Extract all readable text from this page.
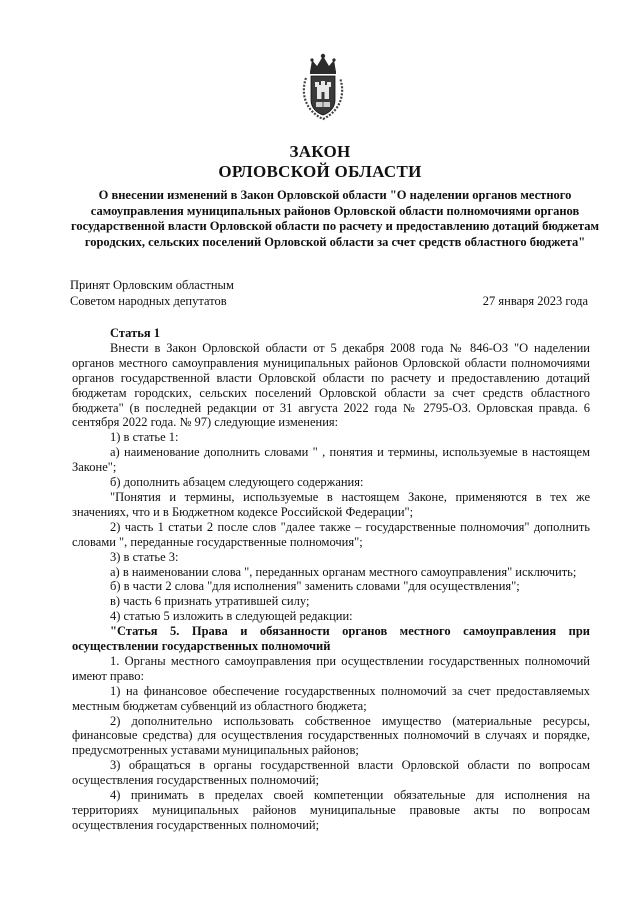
ЗАКОН
ОРЛОВСКОЙ ОБЛАСТИ
О внесении изменений в Закон Орловской области "О наделении органов местного самоуправления муниципальных районов Орловской области полномочиями органов государственной власти Орловской области по расчету и предоставлению дотаций бюджетам городских, сельских поселений Орловской области за счет средств областного бюджета"
Принят Орловским областным
Советом народных депутатов	27 января 2023 года

Статья 1

Внести в Закон Орловской области от 5 декабря 2008 года № 846-ОЗ "О наделении органов местного самоуправления муниципальных районов Орловской области полномочиями органов государственной власти Орловской области по расчету и предоставлению дотаций бюджетам городских, сельских поселений Орловской области за счет средств областного бюджета" (в последней редакции от 31 августа 2022 года № 2795-ОЗ. Орловская правда. 6 сентября 2022 года. № 97) следующие изменения:

1) в статье 1:

а) наименование дополнить словами " , понятия и термины, используемые в настоящем Законе";

б) дополнить абзацем следующего содержания:

"Понятия и термины, используемые в настоящем Законе, применяются в тех же значениях, что и в Бюджетном кодексе Российской Федерации";

2) часть 1 статьи 2 после слов "далее также – государственные полномочия" дополнить словами ", переданные государственные полномочия";

3) в статье 3:

а) в наименовании слова ", переданных органам местного самоуправления" исключить;

б) в части 2 слова "для исполнения" заменить словами "для осуществления";

в) часть 6 признать утратившей силу;

4) статью 5 изложить в следующей редакции:

"Статья 5. Права и обязанности органов местного самоуправления при осуществлении государственных полномочий

1. Органы местного самоуправления при осуществлении государственных полномочий имеют право:

1) на финансовое обеспечение государственных полномочий за счет предоставляемых местным бюджетам субвенций из областного бюджета;

2) дополнительно использовать собственное имущество (материальные ресурсы, финансовые средства) для осуществления государственных полномочий в случаях и порядке, предусмотренных уставами муниципальных районов;

3) обращаться в органы государственной власти Орловской области по вопросам осуществления государственных полномочий;

4) принимать в пределах своей компетенции обязательные для исполнения на территориях муниципальных районов муниципальные правовые акты по вопросам осуществления государственных полномочий;
